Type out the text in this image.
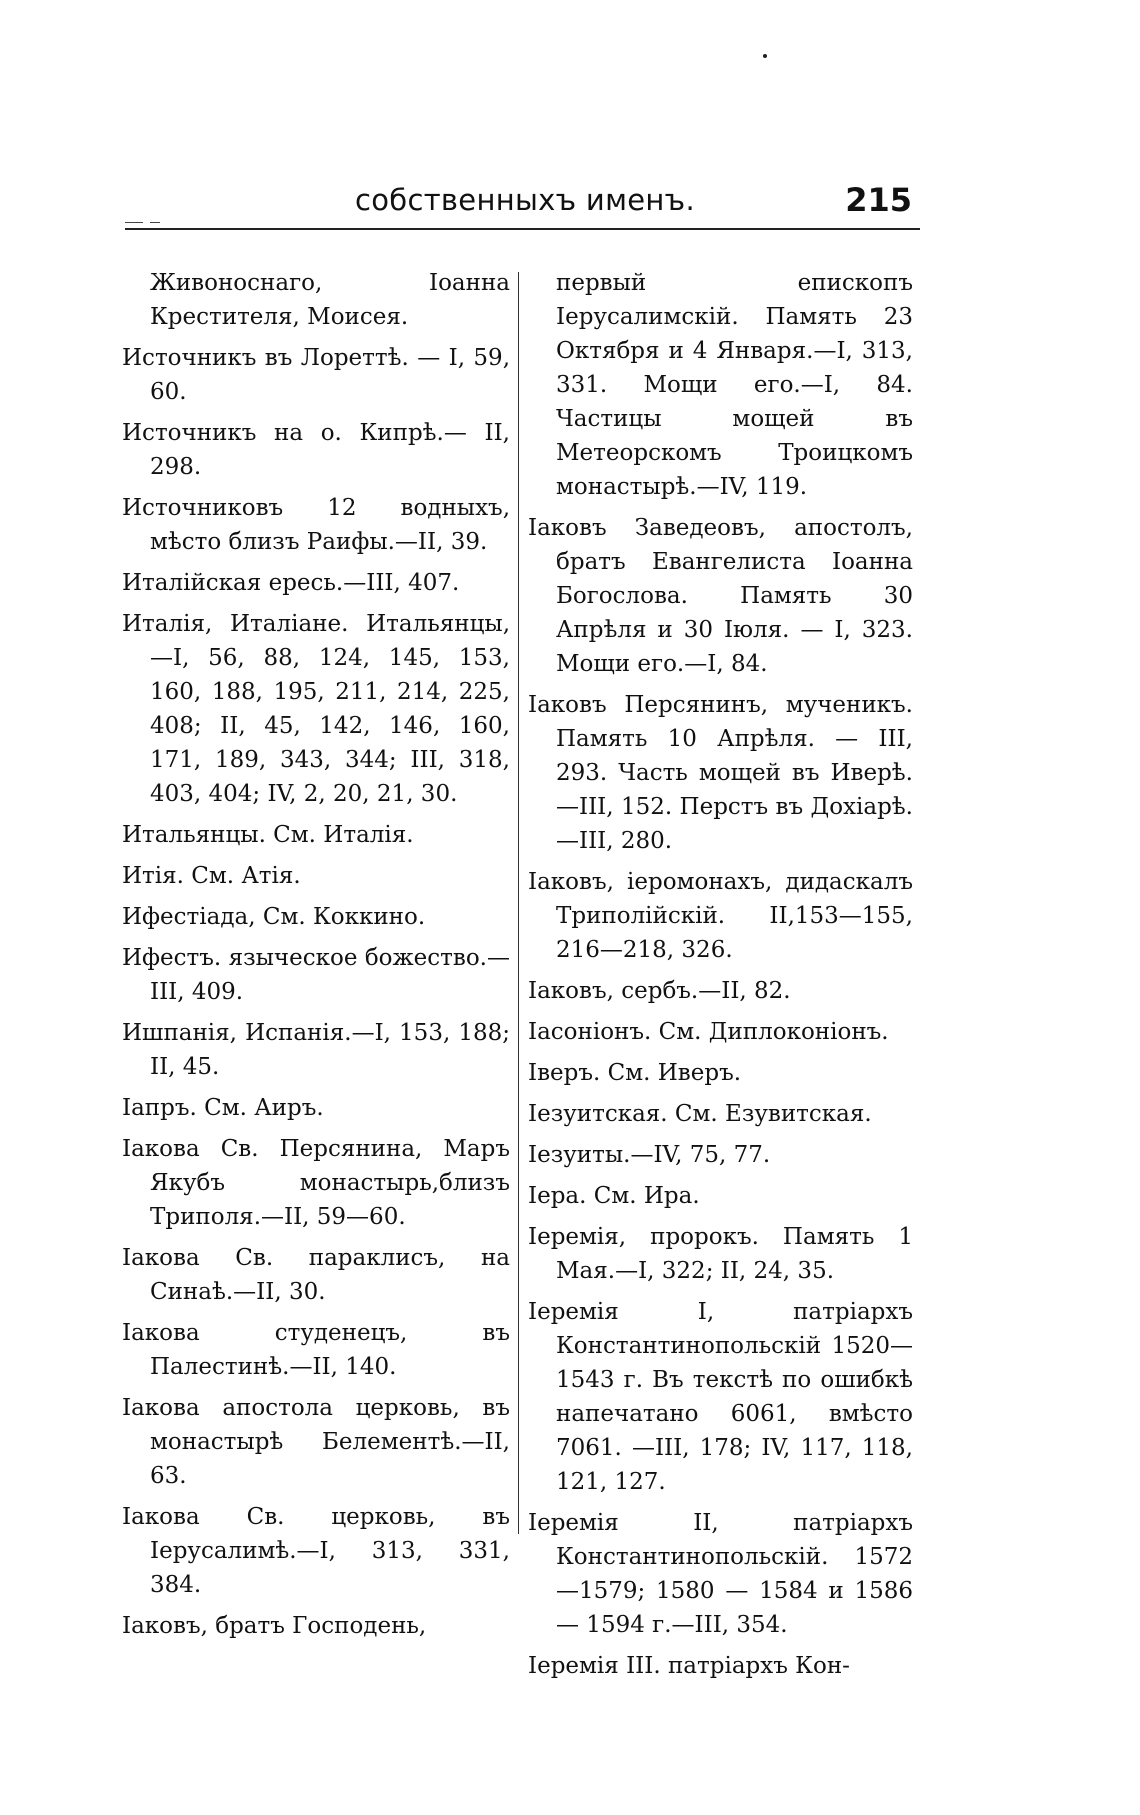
собственныхъ именъ.	215

Живоноснаго, Іоанна Крестителя, Моисея.

Источникъ въ Лореттѣ. — І, 59, 60.

Источникъ на о. Кипрѣ.— ІІ, 298.

Источниковъ 12 водныхъ, мѣсто близъ Раифы.—ІІ, 39.

Италійская ересь.—ІІІ, 407.

Италія, Италіане. Итальянцы,—І, 56, 88, 124, 145, 153, 160, 188, 195, 211, 214, 225, 408; ІІ, 45, 142, 146, 160, 171, 189, 343, 344; ІІІ, 318, 403, 404; IV, 2, 20, 21, 30.

Итальянцы. См. Италія.

Итія. См. Атія.

Ифестіада, См. Коккино.

Ифестъ. языческое божество.— ІІІ, 409.

Ишпанія, Испанія.—І, 153, 188; ІІ, 45.

Іапръ. См. Аиръ.

Іакова Св. Персянина, Маръ Якубъ монастырь,близъ Триполя.—ІІ, 59—60.

Іакова Св. параклисъ, на Синаѣ.—ІІ, 30.

Іакова студенецъ, въ Палестинѣ.—ІІ, 140.

Іакова апостола церковь, въ монастырѣ Белементѣ.—ІІ, 63.

Іакова Св. церковь, въ Іерусалимѣ.—І, 313, 331, 384.

Іаковъ, братъ Господень,

первый епископъ Іерусалимскій. Память 23 Октября и 4 Января.—І, 313, 331. Мощи его.—І, 84. Частицы мощей въ Метеорскомъ Троицкомъ монастырѣ.—IV, 119.

Іаковъ Заведеовъ, апостолъ, братъ Евангелиста Іоанна Богослова. Память 30 Апрѣля и 30 Іюля. — І, 323. Мощи его.—І, 84.

Іаковъ Персянинъ, мученикъ. Память 10 Апрѣля. — ІІІ, 293. Часть мощей въ Иверѣ.—ІІІ, 152. Перстъ въ Дохіарѣ.—ІІІ, 280.

Іаковъ, іеромонахъ, дидаскалъ Триполійскій. ІІ,153—155, 216—218, 326.

Іаковъ, сербъ.—ІІ, 82.

Іасоніонъ. См. Диплоконіонъ.

Іверъ. См. Иверъ.

Іезуитская. См. Езувитская.

Іезуиты.—IV, 75, 77.

Іера. См. Ира.

Іеремія, пророкъ. Память 1 Мая.—І, 322; ІІ, 24, 35.

Іеремія І, патріархъ Константинопольскій 1520—1543 г. Въ текстѣ по ошибкѣ напечатано 6061, вмѣсто 7061. —ІІІ, 178; IV, 117, 118, 121, 127.

Іеремія ІІ, патріархъ Константинопольскій. 1572—1579; 1580 — 1584 и 1586— 1594 г.—ІІІ, 354.

Іеремія ІІІ. патріархъ Кон-
